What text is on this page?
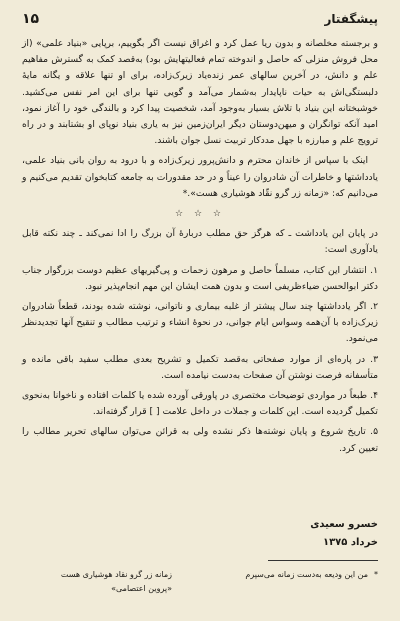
پیشگفتار
۱۵

و برجسته مخلصانه و بدون ریا عمل کرد و اغراق نیست اگر بگوییم، برپایی «بنیاد علمی» (از محل فروش منزلی که حاصل و اندوخته تمام فعالیتهایش بود) به‌قصد کمک به گسترش مفاهیم علم و دانش، در آخرین سالهای عمر زنده‌یاد زیرک‌زاده، برای او تنها علاقه و یگانه مایهٔ دلبستگی‌اش به حیات ناپایدار به‌شمار می‌آمد و گویی تنها برای این امر نفس می‌کشید. خوشبختانه این بنیاد با تلاش بسیار به‌وجود آمد، شخصیت پیدا کرد و بالندگی خود را آغاز نمود، امید آنکه توانگران و میهن‌دوستان دیگر ایران‌زمین نیز به یاری بنیاد نوپای او بشتابند و در راه ترویج علم و مبارزه با جهل مددکار تربیت نسل جوان باشند.

اینک با سپاس از خاندان محترم و دانش‌پرور زیرک‌زاده و با درود به روان بانی بنیاد علمی، یادداشتها و خاطرات آن شادروان را عیناً و در حد مقدورات به جامعه کتابخوان تقدیم می‌کنیم و می‌دانیم که: «زمانه زر گرو نقّاد هوشیاری هست».*

☆ ☆ ☆

در پایان این یادداشت ـ که هرگز حق مطلب دربارهٔ آن بزرگ را ادا نمی‌کند ـ چند نکته قابل یادآوری است:

۱. انتشار این کتاب، مسلماً حاصل و مرهون زحمات و پی‌گیریهای عظیم دوست بزرگوار جناب دکتر ابوالحسن ضیاءظریفی است و بدون همت ایشان این مهم انجام‌پذیر نبود.

۲. اگر یادداشتها چند سال پیشتر از غلبه بیماری و ناتوانی، نوشته شده بودند، قطعاً شادروان زیرک‌زاده با آن‌همه وسواس ایام جوانی، در نحوهٔ انشاء و ترتیب مطالب و تنقیح آنها تجدیدنظر می‌نمود.

۳. در پاره‌ای از موارد صفحاتی به‌قصد تکمیل و تشریح بعدی مطلب سفید باقی مانده و متأسفانه فرصت نوشتن آن صفحات به‌دست نیامده است.

۴. طبعاً در مواردی توضیحات مختصری در پاورقی آورده شده یا کلمات افتاده و ناخوانا به‌نحوی تکمیل گردیده است. این کلمات و جملات در داخل علامت [ ] قرار گرفته‌اند.

۵. تاریخ شروع و پایان نوشته‌ها ذکر نشده ولی به قرائن می‌توان سالهای تحریر مطالب را تعیین کرد.

خسرو سعیدی
خرداد ۱۳۷۵
*من این ودیعه به‌دست زمانه می‌سپرم
زمانه زر گرو نقاد هوشیاری هست
«پروین اعتصامی»
